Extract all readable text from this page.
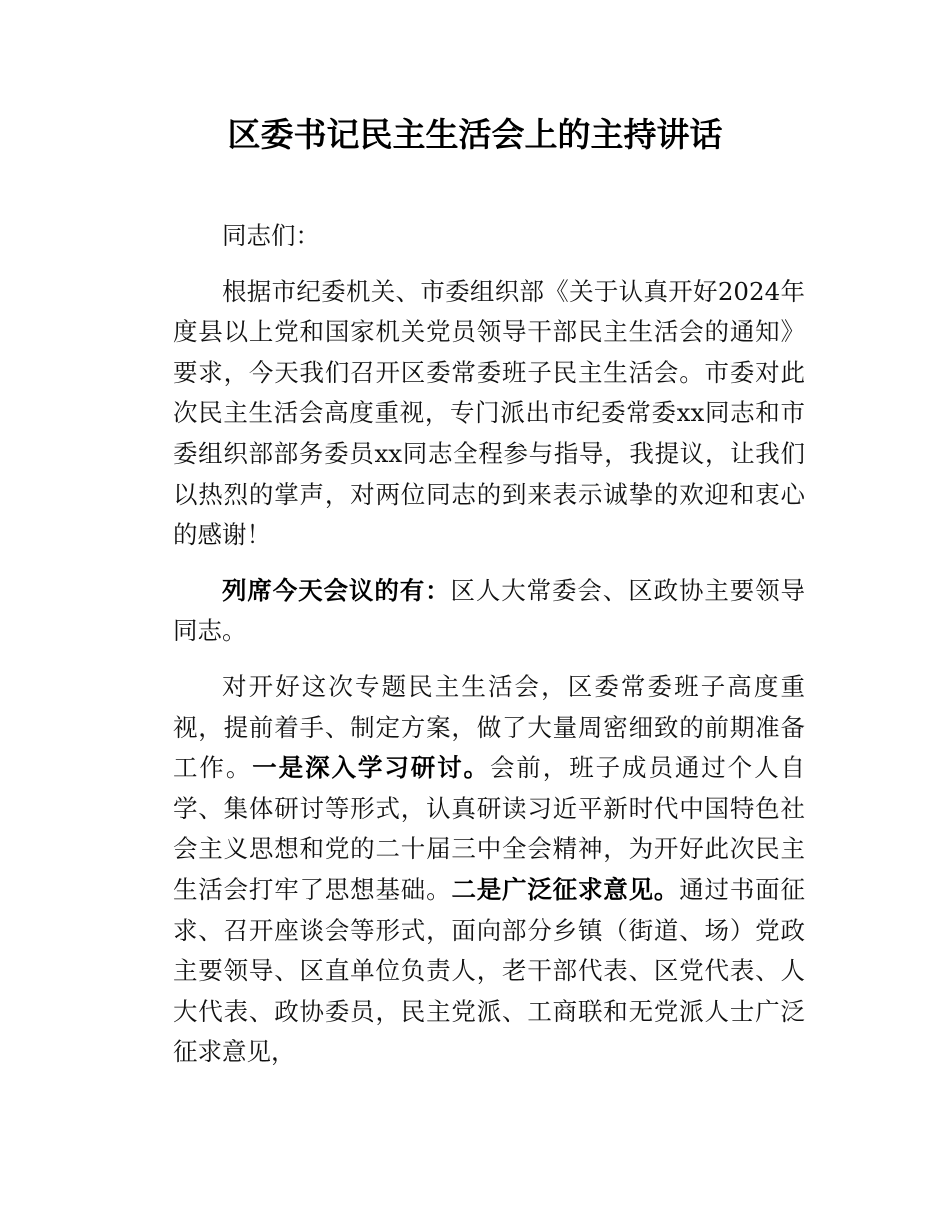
区委书记民主生活会上的主持讲话

同志们：

根据市纪委机关、市委组织部《关于认真开好2024年度县以上党和国家机关党员领导干部民主生活会的通知》要求，今天我们召开区委常委班子民主生活会。市委对此次民主生活会高度重视，专门派出市纪委常委xx同志和市委组织部部务委员xx同志全程参与指导，我提议，让我们以热烈的掌声，对两位同志的到来表示诚挚的欢迎和衷心的感谢！

列席今天会议的有：区人大常委会、区政协主要领导同志。

对开好这次专题民主生活会，区委常委班子高度重视，提前着手、制定方案，做了大量周密细致的前期准备工作。一是深入学习研讨。会前，班子成员通过个人自学、集体研讨等形式，认真研读习近平新时代中国特色社会主义思想和党的二十届三中全会精神，为开好此次民主生活会打牢了思想基础。二是广泛征求意见。通过书面征求、召开座谈会等形式，面向部分乡镇（街道、场）党政主要领导、区直单位负责人，老干部代表、区党代表、人大代表、政协委员，民主党派、工商联和无党派人士广泛征求意见，
